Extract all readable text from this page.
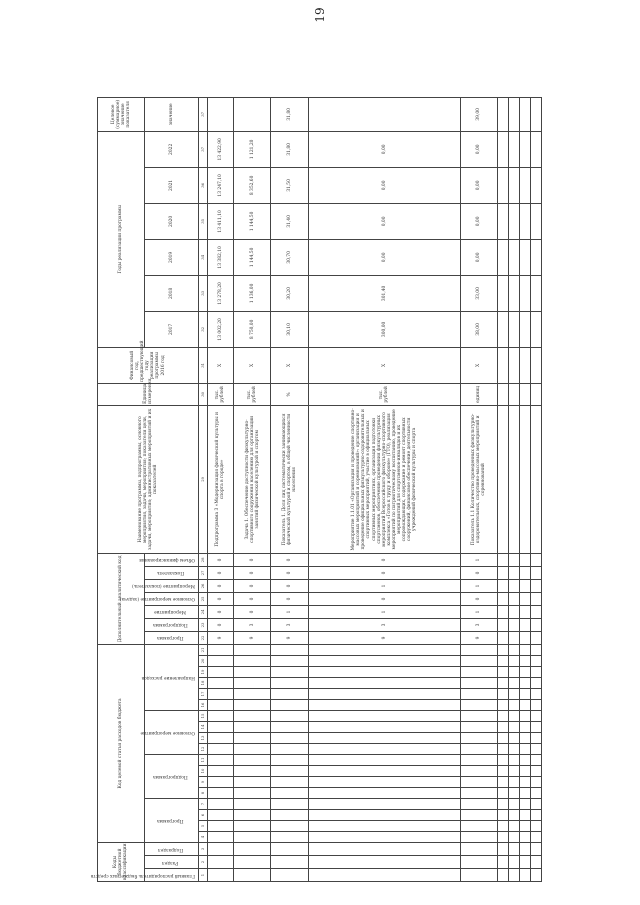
19
Коды бюджетной классификации			Код целевой статьи расходов бюджета																		Дополнительный аналитический код							Наименование программы, подпрограммы, основного мероприятия, задачи, мероприятия; показатели цели, задачи, мероприятия; административных мероприятий и их показателей	Единица измерения	Финансовый год, предшествующий году реализации программы 2016 год	Годы реализации программы						Целевое (суммарное) значение показателя
Главный распорядитель бюджетных средств	Раздел	Подраздел	Программа				Подпрограмма				Основное мероприятие				Направление расходов						Программа	Подпрограмма	Мероприятие	Основное мероприятие (задача)	Мероприятие (показатель)	Показатель	Объем финансирования				2017	2018	2019	2020	2021	2022	значение
1	2	3	4	5	6	7	8	9	10	11	12	13	14	15	16	17	18	19	20	21	22	23	24	25	26	27	28	29	30	31	32	33	34	35	36	37	37
																					9	0	0	0	0	0	0	Подпрограмма 3 «Модернизация физической культуры и спорта в городе»	тыс. рублей	Х	13 002,20	13 278,20	13 382,10	13 411,10	13 247,10	13 422,90	
																					9	3	0	0	0	0	0	Задача 1. Обеспечение доступности физкультурно-спортивного сооружения населению для организации занятий физической культурой и спортом	тыс. рублей	Х	8 750,00	1 136,00	1 144,50	1 144,50	8 352,60	1 121,20	
																					9	3	1	0	0	0	0	Показатель 1. Доля лиц систематически занимающихся физической культурой и спортом, в общей численности населения	%	Х	30,10	30,20	30,70	31,40	31,50	31,80	31,80
																					9	3	1	0	1	0	0	Мероприятие 1.1.01 «Организация и проведение спортивно-массовых мероприятий и соревнований»: организация и проведение официальных физкультурно-оздоровительных и спортивных мероприятий, участие в официальных спортивных мероприятиях, организация подготовки спортсменов, обеспечение проведения физкультурных мероприятий Всероссийского физкультурно-спортивного комплекса «Готов к труду и обороне» (ГТО), реализация мероприятий по патриотическому воспитанию, проведение мероприятий для спортсменов-инвалидов и их сопровождающих, содержание и ремонт спортивных сооружений, финансовое обеспечение деятельности учреждений физической культуры и спорта	тыс. рублей	Х	300,00	301,40	0,00	0,00	0,00	0,00	
																					9	3	1	0	1	0	1	Показатель 1.1 Количество проведенных физкультурно-оздоровительных, спортивно-массовых мероприятий и соревнований	единиц	Х	38,00	33,00	0,00	0,00	0,00	0,00	39,00
